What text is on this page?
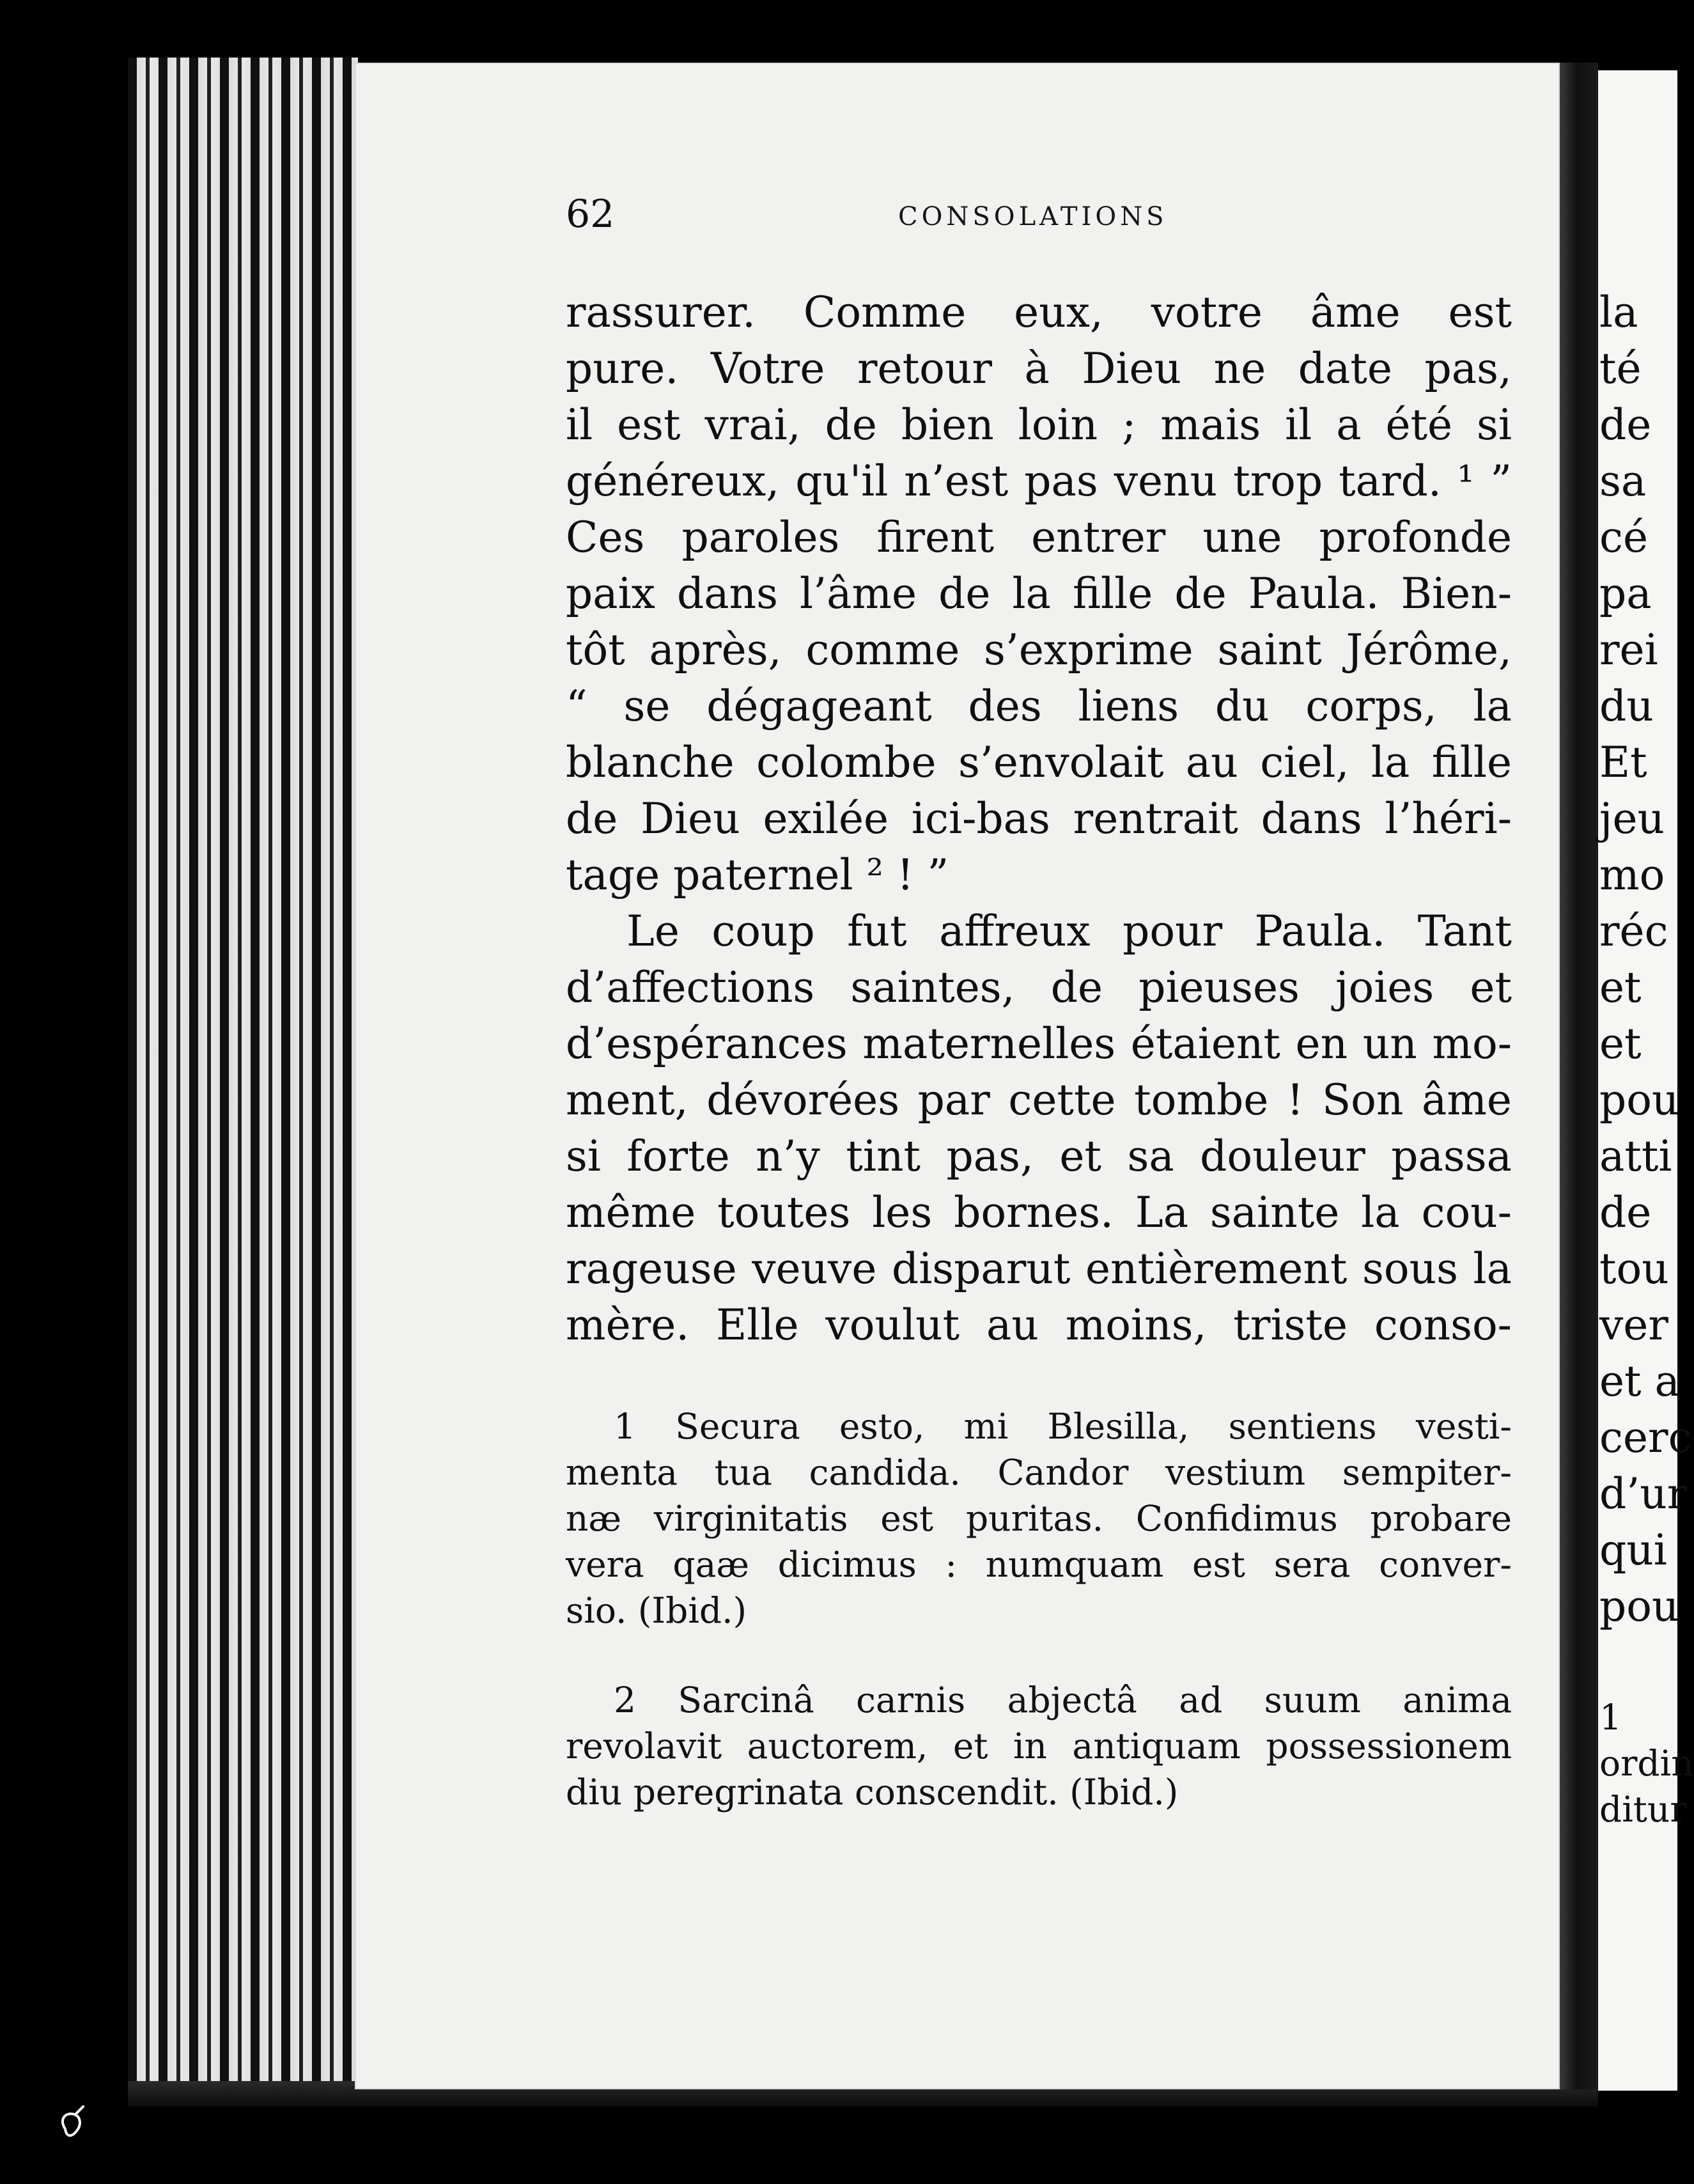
62	CONSOLATIONS
rassurer. Comme eux, votre âme est
pure. Votre retour à Dieu ne date pas,
il est vrai, de bien loin ; mais il a été si
généreux, qu'il n’est pas venu trop tard. ¹ ”
Ces paroles firent entrer une profonde
paix dans l’âme de la fille de Paula. Bien-
tôt après, comme s’exprime saint Jérôme,
“ se dégageant des liens du corps, la
blanche colombe s’envolait au ciel, la fille
de Dieu exilée ici-bas rentrait dans l’héri-
tage paternel ² ! ”
Le coup fut affreux pour Paula. Tant
d’affections saintes, de pieuses joies et
d’espérances maternelles étaient en un mo-
ment, dévorées par cette tombe ! Son âme
si forte n’y tint pas, et sa douleur passa
même toutes les bornes. La sainte la cou-
rageuse veuve disparut entièrement sous la
mère. Elle voulut au moins, triste conso-
1 Secura esto, mi Blesilla, sentiens vesti-
menta tua candida. Candor vestium sempiter-
næ virginitatis est puritas. Confidimus probare
vera qaæ dicimus : numquam est sera conver-
sio. (Ibid.)
2 Sarcinâ carnis abjectâ ad suum anima
revolavit auctorem, et in antiquam possessionem
diu peregrinata conscendit. (Ibid.)
la
té
de
sa
cé
pa
rei
du
Et
jeu
mo
réc
et
et
pou
atti
de
tou
ver
et a
cerc
d’ur
qui
pou
1
ordin
ditur
